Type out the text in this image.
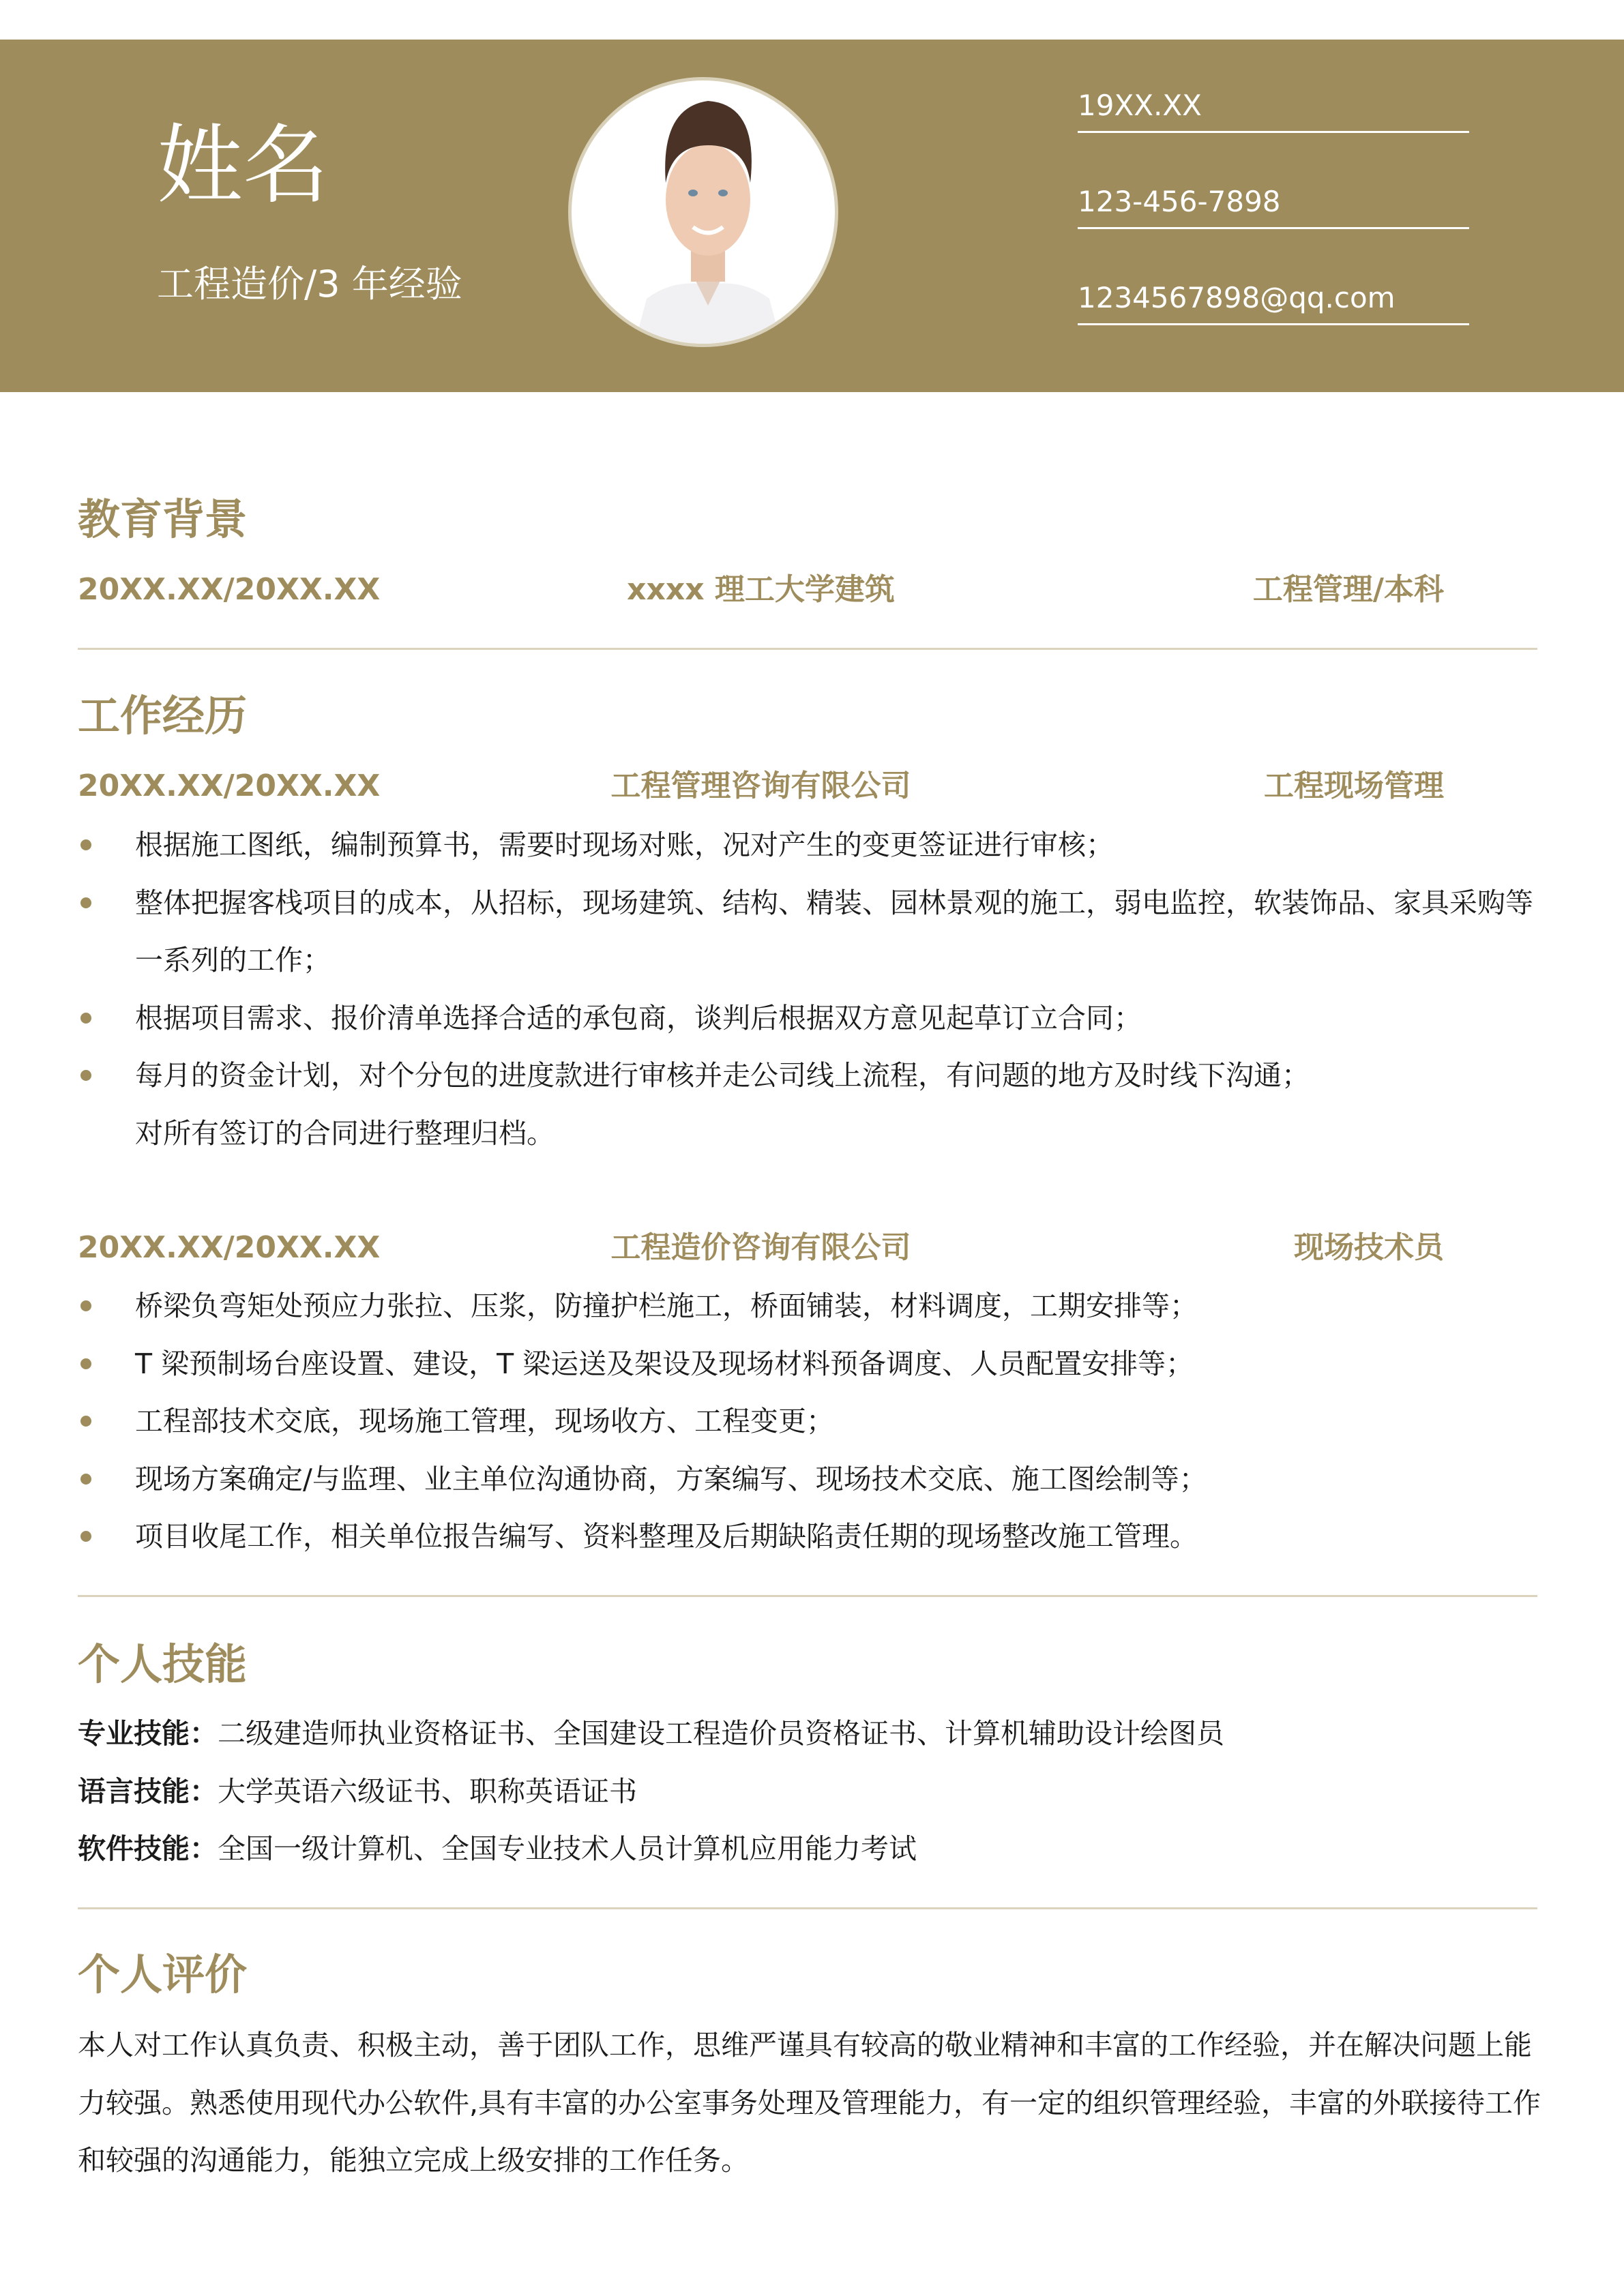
姓名
工程造价/3 年经验
19XX.XX
123-456-7898
1234567898@qq.com
教育背景
20XX.XX/20XX.XX	xxxx 理工大学建筑	工程管理/本科
工作经历
20XX.XX/20XX.XX	工程管理咨询有限公司	工程现场管理
根据施工图纸，编制预算书，需要时现场对账，况对产生的变更签证进行审核；
整体把握客栈项目的成本，从招标，现场建筑、结构、精装、园林景观的施工，弱电监控，软装饰品、家具采购等一系列的工作；
根据项目需求、报价清单选择合适的承包商，谈判后根据双方意见起草订立合同；
每月的资金计划，对个分包的进度款进行审核并走公司线上流程，有问题的地方及时线下沟通；
对所有签订的合同进行整理归档。
20XX.XX/20XX.XX	工程造价咨询有限公司	现场技术员
桥梁负弯矩处预应力张拉、压浆，防撞护栏施工，桥面铺装，材料调度，工期安排等；
T 梁预制场台座设置、建设，T 梁运送及架设及现场材料预备调度、人员配置安排等；
工程部技术交底，现场施工管理，现场收方、工程变更；
现场方案确定/与监理、业主单位沟通协商，方案编写、现场技术交底、施工图绘制等；
项目收尾工作，相关单位报告编写、资料整理及后期缺陷责任期的现场整改施工管理。
个人技能
专业技能：二级建造师执业资格证书、全国建设工程造价员资格证书、计算机辅助设计绘图员
语言技能：大学英语六级证书、职称英语证书
软件技能：全国一级计算机、全国专业技术人员计算机应用能力考试
个人评价
本人对工作认真负责、积极主动，善于团队工作，思维严谨具有较高的敬业精神和丰富的工作经验，并在解决问题上能力较强。熟悉使用现代办公软件,具有丰富的办公室事务处理及管理能力，有一定的组织管理经验，丰富的外联接待工作和较强的沟通能力，能独立完成上级安排的工作任务。
